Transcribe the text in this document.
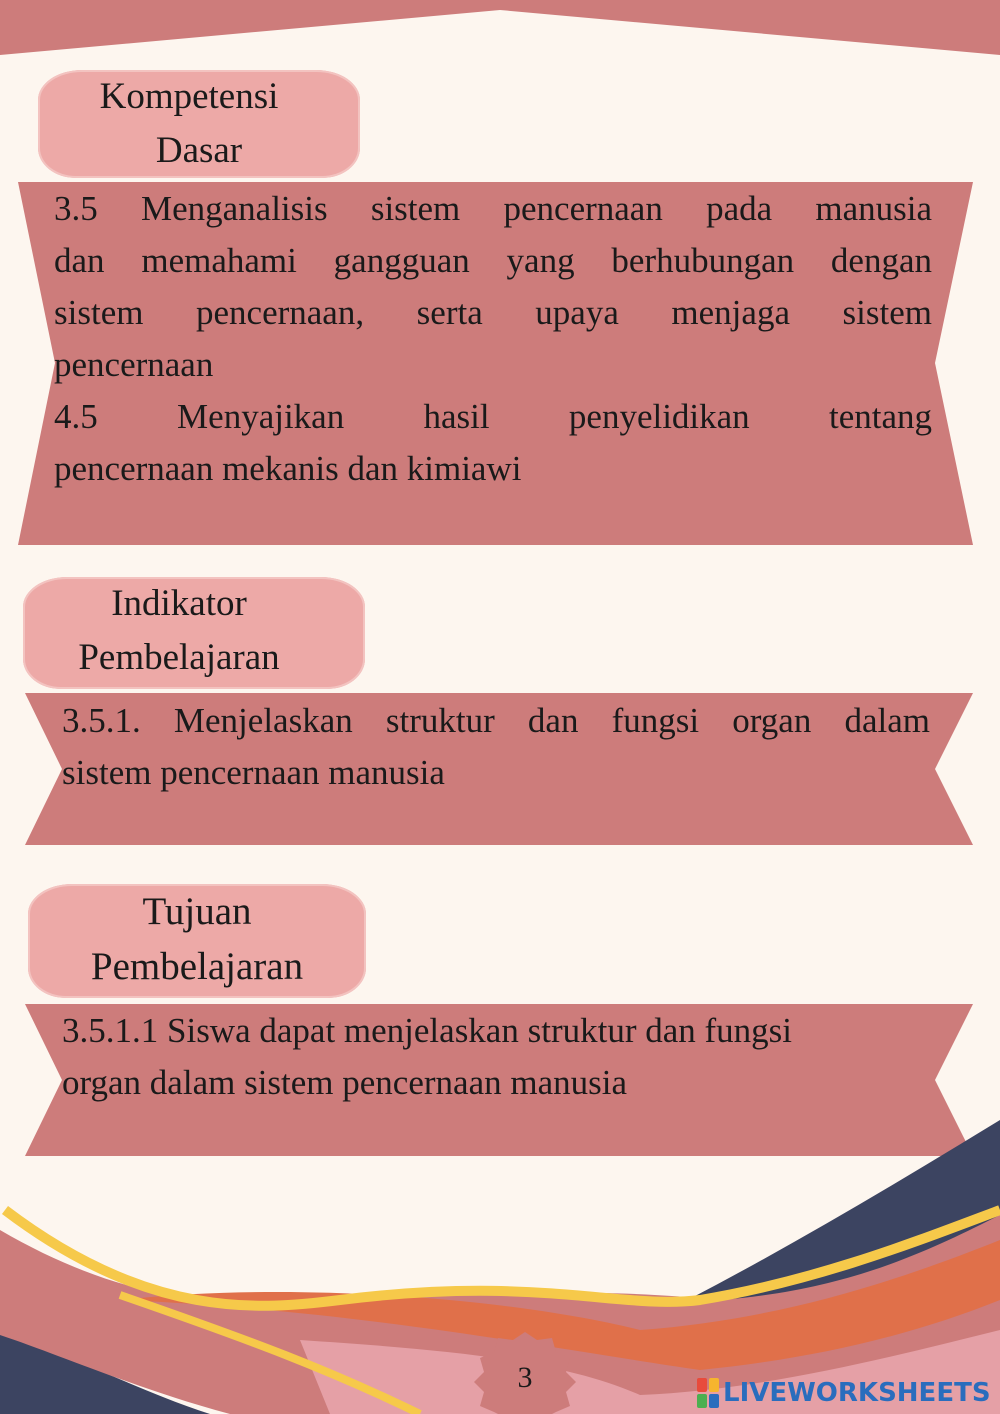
Kompetensi
Dasar

3.5 Menganalisis sistem pencernaan pada manusia

dan memahami gangguan yang berhubungan dengan

sistem pencernaan, serta upaya menjaga sistem

pencernaan

4.5 Menyajikan hasil penyelidikan tentang

pencernaan mekanis dan kimiawi

Indikator
Pembelajaran

3.5.1. Menjelaskan struktur dan fungsi organ dalam

sistem pencernaan manusia

Tujuan
Pembelajaran

3.5.1.1 Siswa dapat menjelaskan struktur dan fungsi

organ dalam sistem pencernaan manusia

3	LIVEWORKSHEETS
